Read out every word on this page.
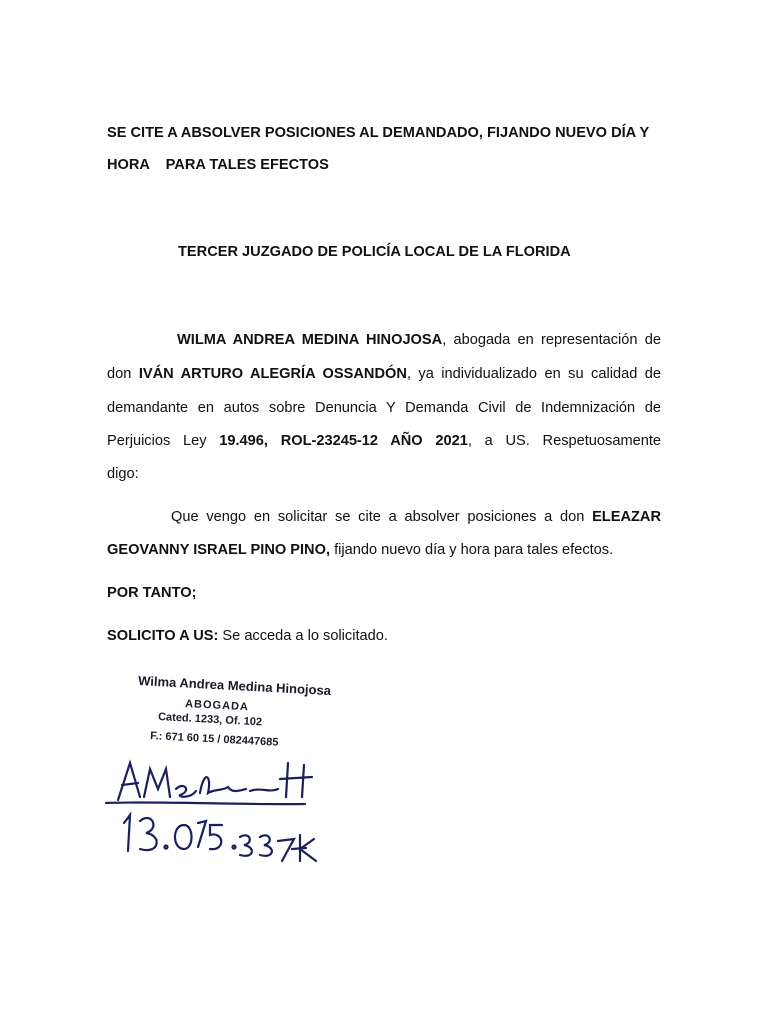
SE CITE A ABSOLVER POSICIONES AL DEMANDADO, FIJANDO NUEVO DÍA Y
HORA    PARA TALES EFECTOS
TERCER JUZGADO DE POLICÍA LOCAL DE LA FLORIDA
WILMA ANDREA MEDINA HINOJOSA, abogada en representación de
don IVÁN ARTURO ALEGRÍA OSSANDÓN, ya individualizado en su calidad de
demandante en autos sobre Denuncia Y Demanda Civil de Indemnización de
Perjuicios Ley 19.496, ROL-23245-12 AÑO 2021, a US. Respetuosamente
digo:
Que vengo en solicitar se cite a absolver posiciones a don ELEAZAR
GEOVANNY ISRAEL PINO PINO, fijando nuevo día y hora para tales efectos.
POR TANTO;
SOLICITO A US: Se acceda a lo solicitado.
Wilma Andrea Medina Hinojosa
ABOGADA
Cated. 1233, Of. 102
F.: 671 60 15 / 082447685
